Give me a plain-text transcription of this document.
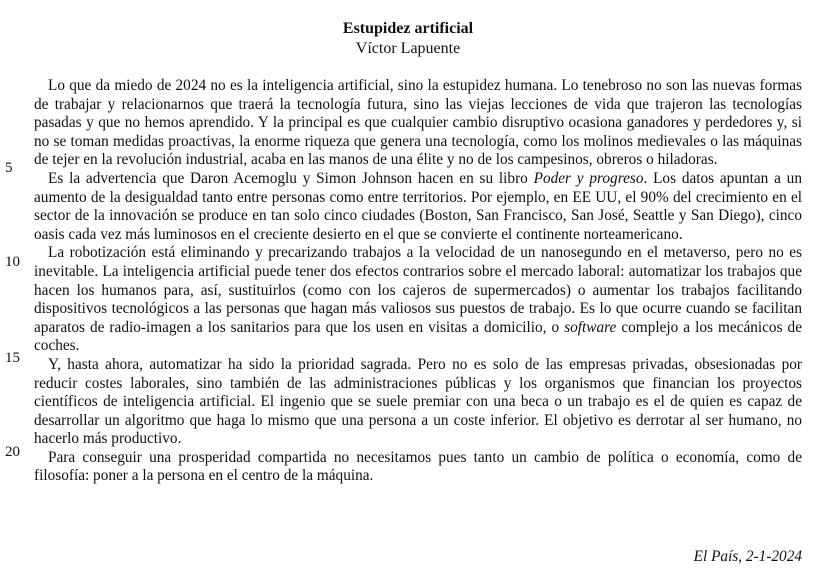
Estupidez artificial
Víctor Lapuente
5
10
15
20

Lo que da miedo de 2024 no es la inteligencia artificial, sino la estupidez humana. Lo tenebroso no son las nuevas formas de trabajar y relacionarnos que traerá la tecnología futura, sino las viejas lecciones de vida que trajeron las tecnologías pasadas y que no hemos aprendido. Y la principal es que cualquier cambio disruptivo ocasiona ganadores y perdedores y, si no se toman medidas proactivas, la enorme riqueza que genera una tecnología, como los molinos medievales o las máquinas de tejer en la revolución industrial, acaba en las manos de una élite y no de los campesinos, obreros o hiladoras.

Es la advertencia que Daron Acemoglu y Simon Johnson hacen en su libro Poder y progreso. Los datos apuntan a un aumento de la desigualdad tanto entre personas como entre territorios. Por ejemplo, en EE UU, el 90% del crecimiento en el sector de la innovación se produce en tan solo cinco ciudades (Boston, San Francisco, San José, Seattle y San Diego), cinco oasis cada vez más luminosos en el creciente desierto en el que se convierte el continente norteamericano.

La robotización está eliminando y precarizando trabajos a la velocidad de un nanosegundo en el metaverso, pero no es inevitable. La inteligencia artificial puede tener dos efectos contrarios sobre el mercado laboral: automatizar los trabajos que hacen los humanos para, así, sustituirlos (como con los cajeros de supermercados) o aumentar los trabajos facilitando dispositivos tecnológicos a las personas que hagan más valiosos sus puestos de trabajo. Es lo que ocurre cuando se facilitan aparatos de radio-imagen a los sanitarios para que los usen en visitas a domicilio, o software complejo a los mecánicos de coches.

Y, hasta ahora, automatizar ha sido la prioridad sagrada. Pero no es solo de las empresas privadas, obsesionadas por reducir costes laborales, sino también de las administraciones públicas y los organismos que financian los proyectos científicos de inteligencia artificial. El ingenio que se suele premiar con una beca o un trabajo es el de quien es capaz de desarrollar un algoritmo que haga lo mismo que una persona a un coste inferior. El objetivo es derrotar al ser humano, no hacerlo más productivo.

Para conseguir una prosperidad compartida no necesitamos pues tanto un cambio de política o economía, como de filosofía: poner a la persona en el centro de la máquina.

El País, 2-1-2024
